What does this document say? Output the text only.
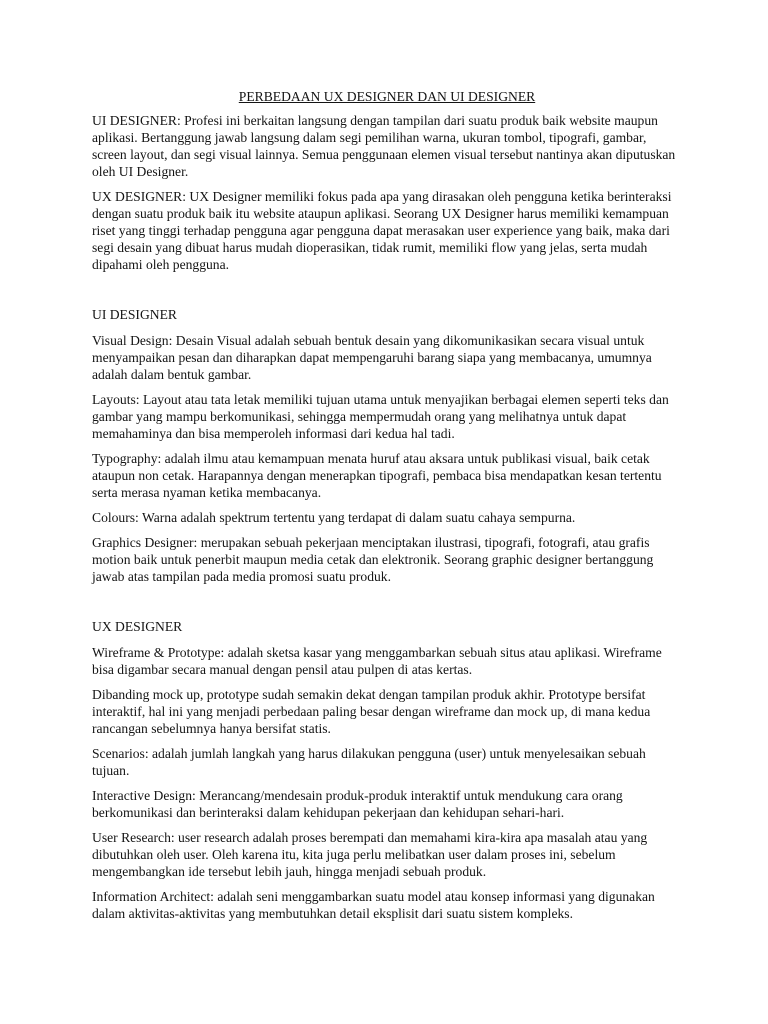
PERBEDAAN UX DESIGNER DAN UI DESIGNER

UI DESIGNER: Profesi ini berkaitan langsung dengan tampilan dari suatu produk baik website maupun aplikasi. Bertanggung jawab langsung dalam segi pemilihan warna, ukuran tombol, tipografi, gambar, screen layout, dan segi visual lainnya. Semua penggunaan elemen visual tersebut nantinya akan diputuskan oleh UI Designer.

UX DESIGNER: UX Designer memiliki fokus pada apa yang dirasakan oleh pengguna ketika berinteraksi dengan suatu produk baik itu website ataupun aplikasi. Seorang UX Designer harus memiliki kemampuan riset yang tinggi terhadap pengguna agar pengguna dapat merasakan user experience yang baik, maka dari segi desain yang dibuat harus mudah dioperasikan, tidak rumit, memiliki flow yang jelas, serta mudah dipahami oleh pengguna.

UI DESIGNER

Visual Design: Desain Visual adalah sebuah bentuk desain yang dikomunikasikan secara visual untuk menyampaikan pesan dan diharapkan dapat mempengaruhi barang siapa yang membacanya, umumnya adalah dalam bentuk gambar.

Layouts: Layout atau tata letak memiliki tujuan utama untuk menyajikan berbagai elemen seperti teks dan gambar yang mampu berkomunikasi, sehingga mempermudah orang yang melihatnya untuk dapat memahaminya dan bisa memperoleh informasi dari kedua hal tadi.

Typography: adalah ilmu atau kemampuan menata huruf atau aksara untuk publikasi visual, baik cetak ataupun non cetak. Harapannya dengan menerapkan tipografi, pembaca bisa mendapatkan kesan tertentu serta merasa nyaman ketika membacanya.

Colours: Warna adalah spektrum tertentu yang terdapat di dalam suatu cahaya sempurna.

Graphics Designer: merupakan sebuah pekerjaan menciptakan ilustrasi, tipografi, fotografi, atau grafis motion baik untuk penerbit maupun media cetak dan elektronik. Seorang graphic designer bertanggung jawab atas tampilan pada media promosi suatu produk.

UX DESIGNER

Wireframe & Prototype: adalah sketsa kasar yang menggambarkan sebuah situs atau aplikasi. Wireframe bisa digambar secara manual dengan pensil atau pulpen di atas kertas.

Dibanding mock up, prototype sudah semakin dekat dengan tampilan produk akhir. Prototype bersifat interaktif, hal ini yang menjadi perbedaan paling besar dengan wireframe dan mock up, di mana kedua rancangan sebelumnya hanya bersifat statis.

Scenarios: adalah jumlah langkah yang harus dilakukan pengguna (user) untuk menyelesaikan sebuah tujuan.

Interactive Design: Merancang/mendesain produk-produk interaktif untuk mendukung cara orang berkomunikasi dan berinteraksi dalam kehidupan pekerjaan dan kehidupan sehari-hari.

User Research: user research adalah proses berempati dan memahami kira-kira apa masalah atau yang dibutuhkan oleh user. Oleh karena itu, kita juga perlu melibatkan user dalam proses ini, sebelum mengembangkan ide tersebut lebih jauh, hingga menjadi sebuah produk.

Information Architect: adalah seni menggambarkan suatu model atau konsep informasi yang digunakan dalam aktivitas-aktivitas yang membutuhkan detail eksplisit dari suatu sistem kompleks.
